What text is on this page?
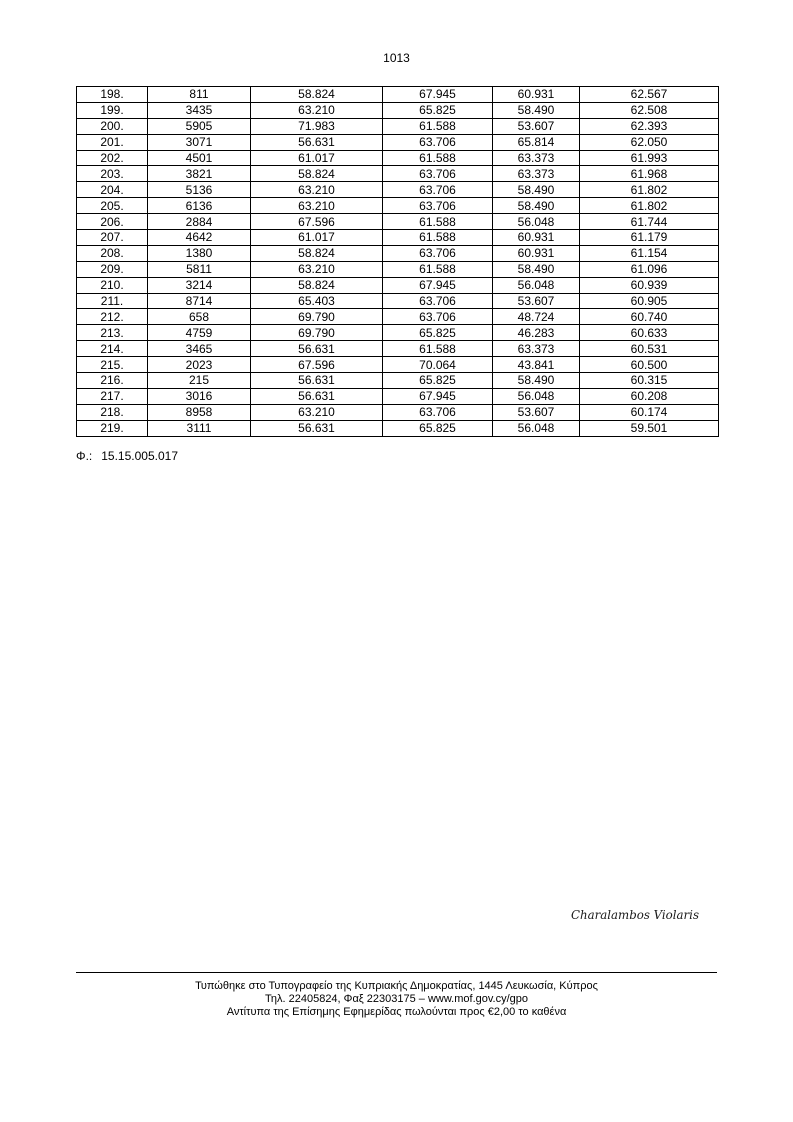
1013
198.	811	58.824	67.945	60.931	62.567
199.	3435	63.210	65.825	58.490	62.508
200.	5905	71.983	61.588	53.607	62.393
201.	3071	56.631	63.706	65.814	62.050
202.	4501	61.017	61.588	63.373	61.993
203.	3821	58.824	63.706	63.373	61.968
204.	5136	63.210	63.706	58.490	61.802
205.	6136	63.210	63.706	58.490	61.802
206.	2884	67.596	61.588	56.048	61.744
207.	4642	61.017	61.588	60.931	61.179
208.	1380	58.824	63.706	60.931	61.154
209.	5811	63.210	61.588	58.490	61.096
210.	3214	58.824	67.945	56.048	60.939
211.	8714	65.403	63.706	53.607	60.905
212.	658	69.790	63.706	48.724	60.740
213.	4759	69.790	65.825	46.283	60.633
214.	3465	56.631	61.588	63.373	60.531
215.	2023	67.596	70.064	43.841	60.500
216.	215	56.631	65.825	58.490	60.315
217.	3016	56.631	67.945	56.048	60.208
218.	8958	63.210	63.706	53.607	60.174
219.	3111	56.631	65.825	56.048	59.501
Φ.: 15.15.005.017
Charalambos Violaris
Τυπώθηκε στο Τυπογραφείο της Κυπριακής Δημοκρατίας, 1445 Λευκωσία, Κύπρος
Τηλ. 22405824, Φαξ 22303175 – www.mof.gov.cy/gpo
Αντίτυπα της Επίσημης Εφημερίδας πωλούνται προς €2,00 το καθένα
